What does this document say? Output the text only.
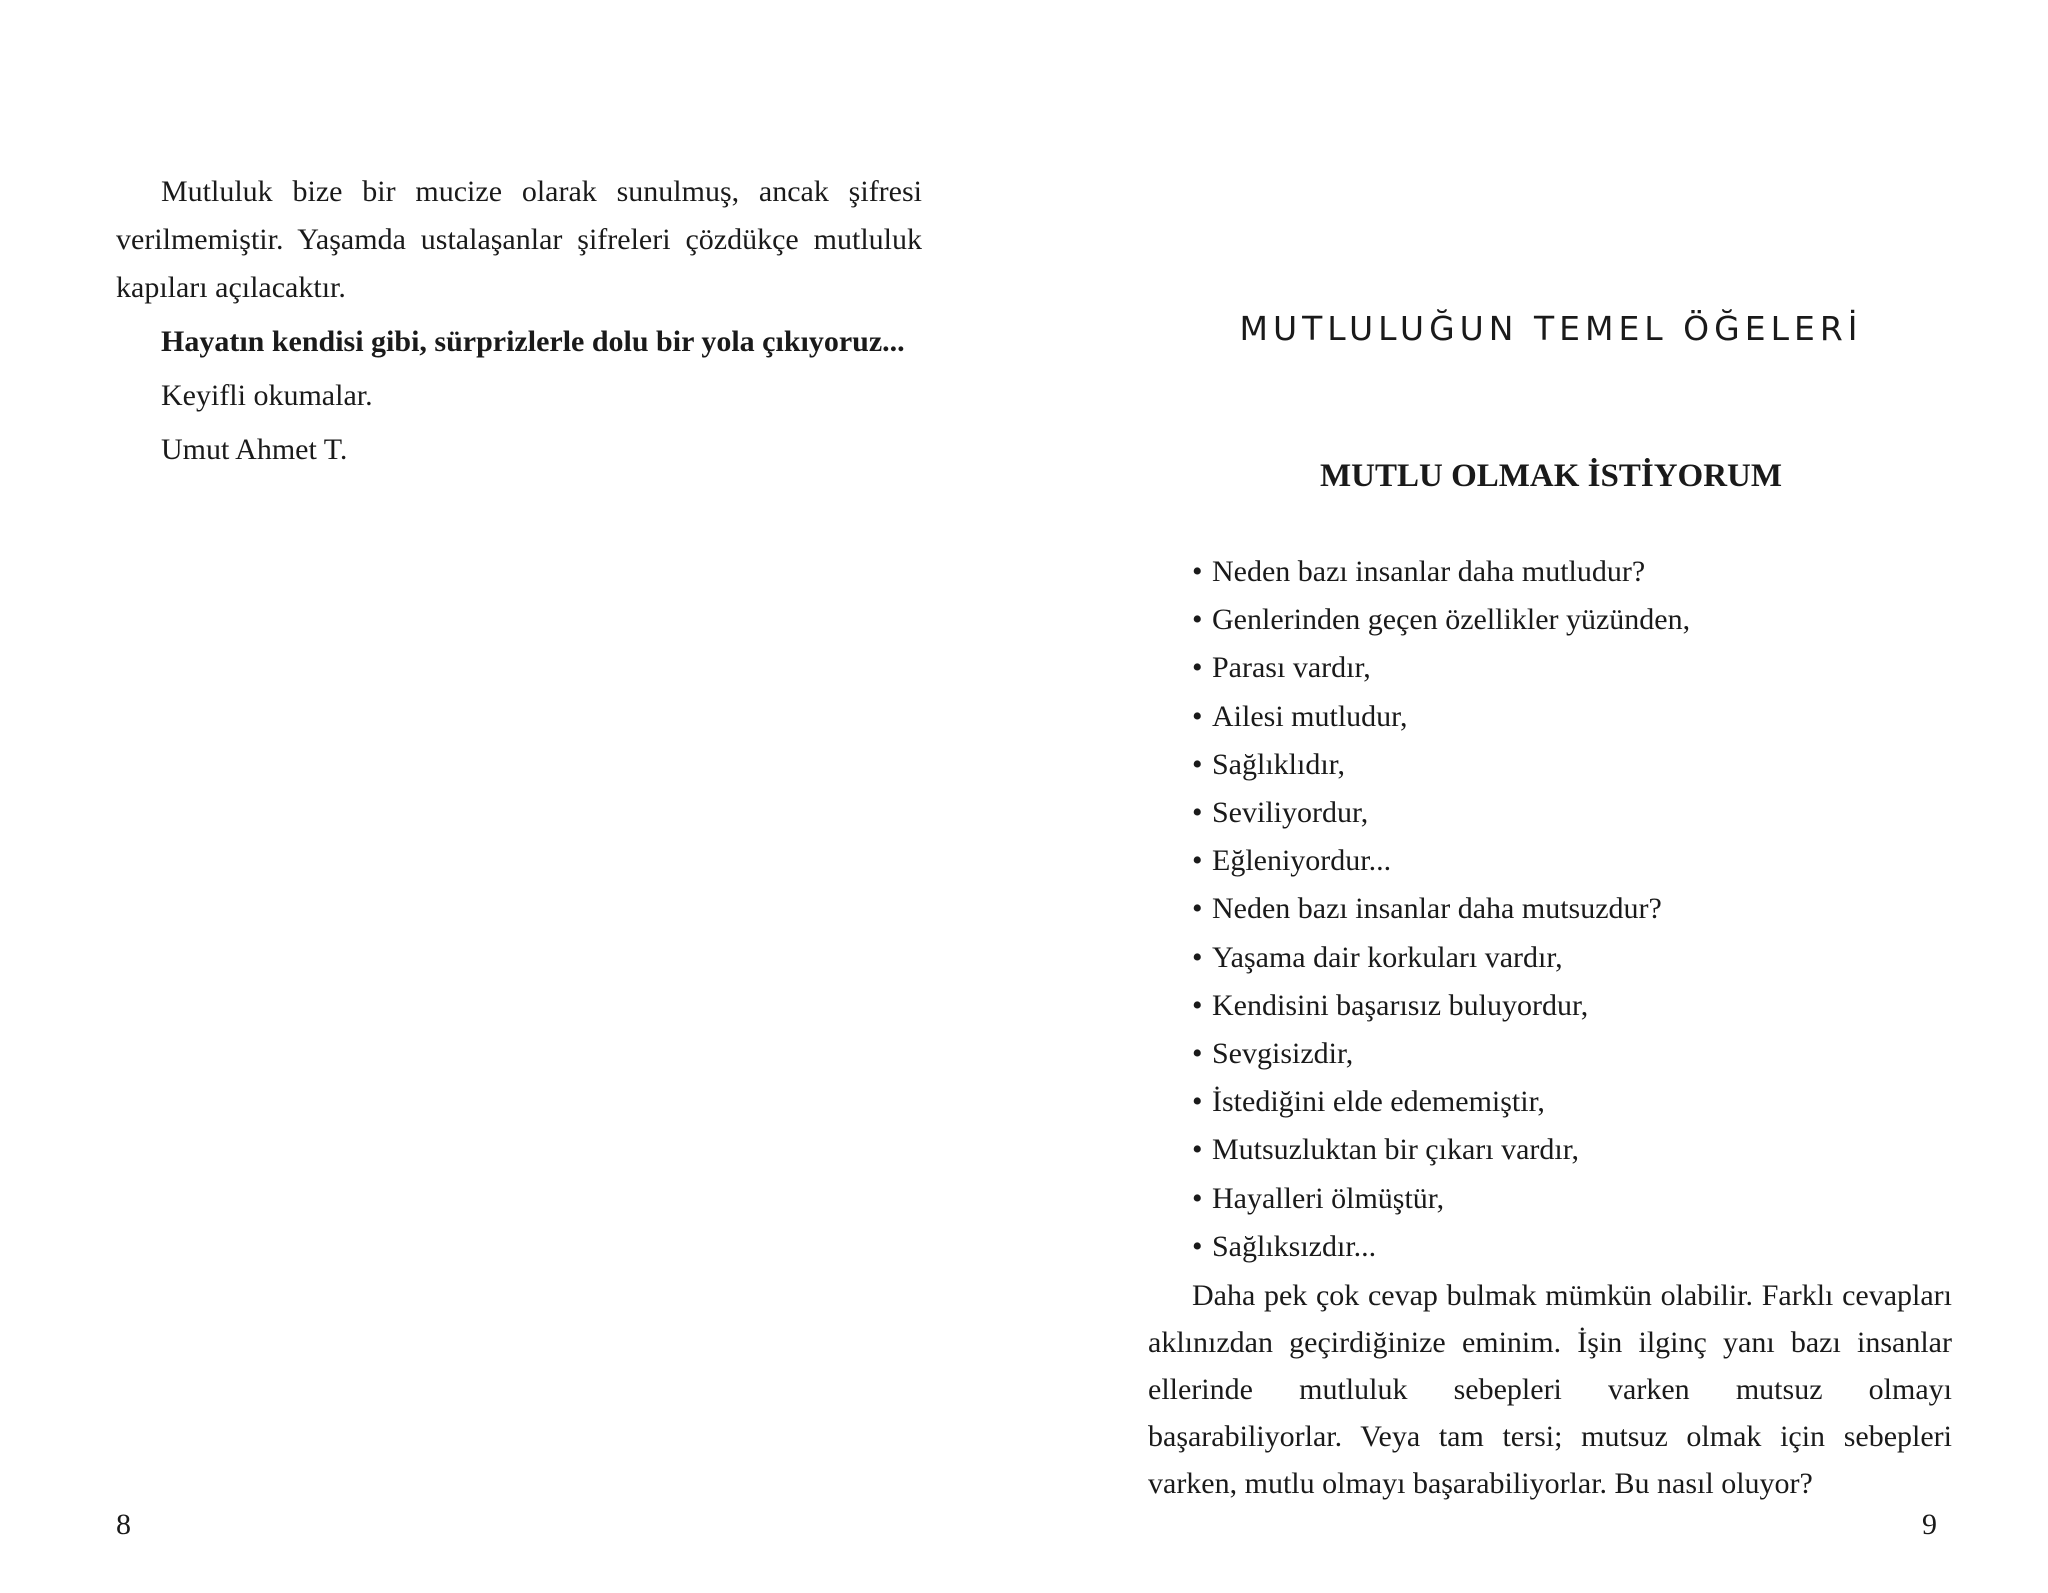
Mutluluk bize bir mucize olarak sunulmuş, ancak şifresi verilmemiştir. Yaşamda ustalaşanlar şifreleri çözdükçe mutluluk kapıları açılacaktır.

Hayatın kendisi gibi, sürprizlerle dolu bir yola çıkıyoruz...

Keyifli okumalar.

Umut Ahmet T.

8
MUTLULUĞUN TEMEL ÖĞELERİ
MUTLU OLMAK İSTİYORUM
• Neden bazı insanlar daha mutludur?
• Genlerinden geçen özellikler yüzünden,
• Parası vardır,
• Ailesi mutludur,
• Sağlıklıdır,
• Seviliyordur,
• Eğleniyordur...
• Neden bazı insanlar daha mutsuzdur?
• Yaşama dair korkuları vardır,
• Kendisini başarısız buluyordur,
• Sevgisizdir,
• İstediğini elde edememiştir,
• Mutsuzluktan bir çıkarı vardır,
• Hayalleri ölmüştür,
• Sağlıksızdır...

Daha pek çok cevap bulmak mümkün olabilir. Farklı cevapları aklınızdan geçirdiğinize eminim. İşin ilginç yanı bazı insanlar ellerinde mutluluk sebepleri varken mutsuz olmayı başarabiliyorlar. Veya tam tersi; mutsuz olmak için sebepleri varken, mutlu olmayı başarabiliyorlar. Bu nasıl oluyor?

9
